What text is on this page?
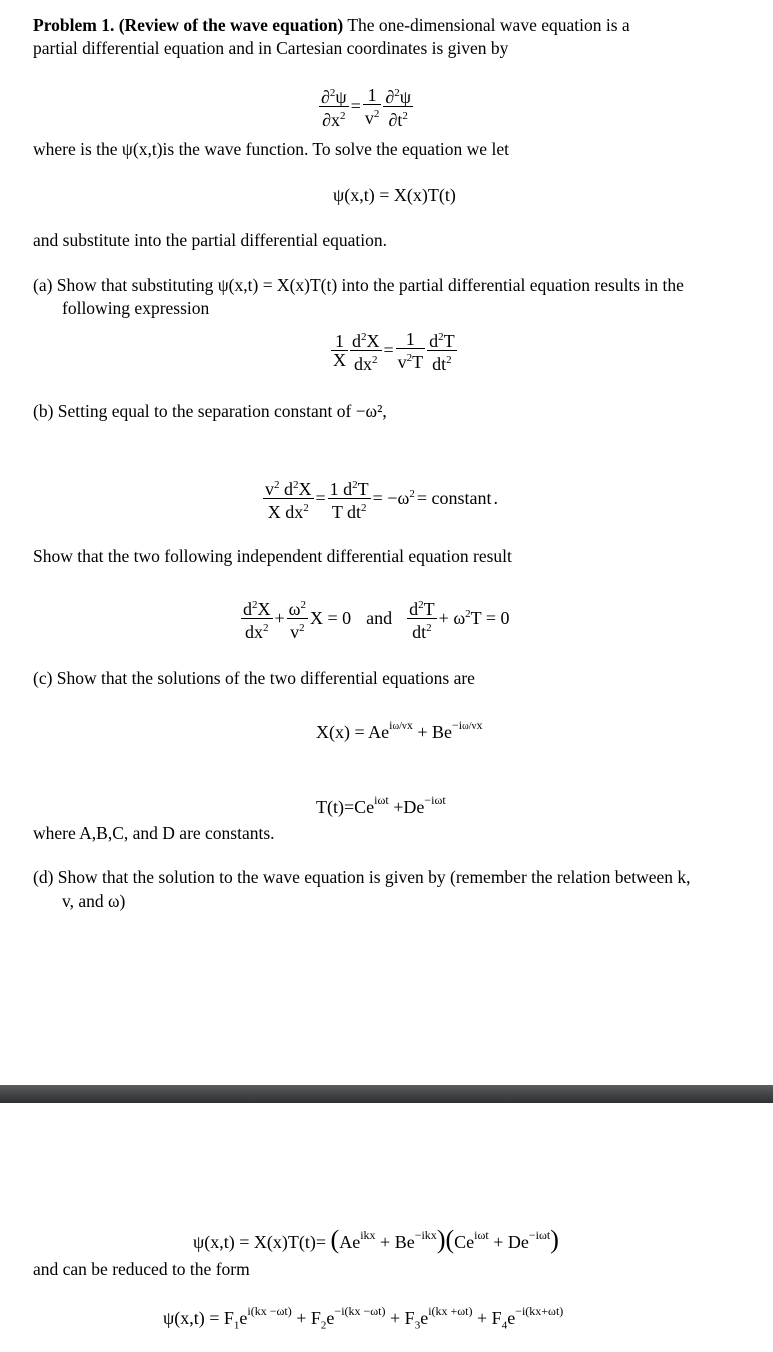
Problem 1. (Review of the wave equation) The one-dimensional wave equation is a
partial differential equation and in Cartesian coordinates is given by
$\frac{\partial^2\psi}{\partial x^2} = \frac{1}{v^2} \frac{\partial^2\psi}{\partial t^2}$
where is the ψ(x,t)is the wave function. To solve the equation we let
ψ(x,t) = X(x)T(t)
and substitute into the partial differential equation.
(a) Show that substituting ψ(x,t) = X(x)T(t) into the partial differential equation results in the
following expression
$\frac{1}{X} \frac{d^2X}{dx^2} = \frac{1}{v^2T} \frac{d^2T}{dt^2}$
(b) Setting equal to the separation constant of −ω²,
$\frac{v^2 d^2X}{X dx^2} = \frac{1 d^2T}{T dt^2} = -\omega^2$ = constant .
Show that the two following independent differential equation result
$\frac{d^2X}{dx^2} + \frac{\omega^2}{v^2}$ X = 0 and $\frac{d^2T}{dt^2} + \omega^2T = 0$
(c) Show that the solutions of the two differential equations are
$X(x) = Ae^{i\omega/vx} + Be^{-i\omega/vx}$
$T(t)=Ce^{i\omega t} +De^{-i\omega t}$
where A,B,C, and D are constants.
(d) Show that the solution to the wave equation is given by (remember the relation between k,
v, and ω)
$\psi(x,t) = X(x)T(t)= (Ae^{ikx} + Be^{-ikx})(Ce^{i\omega t} + De^{-i\omega t})$
and can be reduced to the form
$\psi(x,t) = F_1e^{i(kx -\omega t)} + F_2e^{-i(kx -\omega t)} + F_3e^{i(kx +\omega t)} + F_4e^{-i(kx+\omega t)}$
